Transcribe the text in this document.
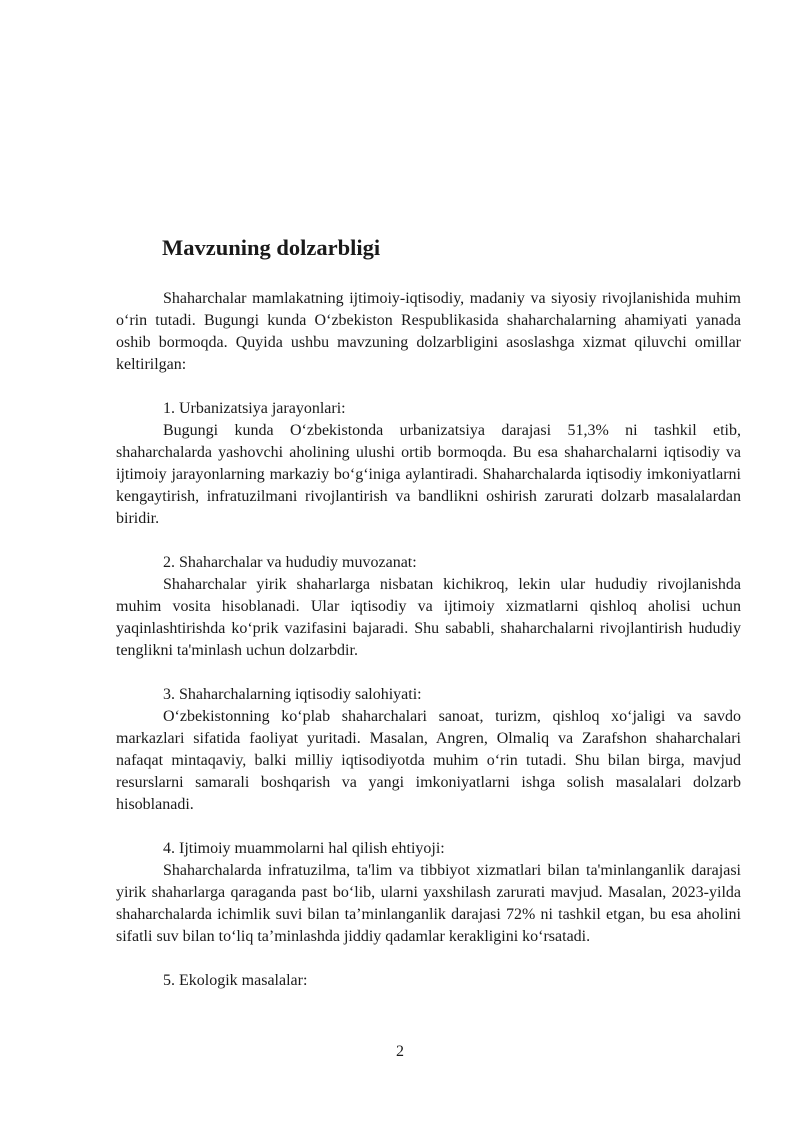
Mavzuning dolzarbligi

Shaharchalar mamlakatning ijtimoiy-iqtisodiy, madaniy va siyosiy rivojlanishida muhim oʻrin tutadi. Bugungi kunda Oʻzbekiston Respublikasida shaharchalarning ahamiyati yanada oshib bormoqda. Quyida ushbu mavzuning dolzarbligini asoslashga xizmat qiluvchi omillar keltirilgan:

1. Urbanizatsiya jarayonlari:

Bugungi kunda Oʻzbekistonda urbanizatsiya darajasi 51,3% ni tashkil etib, shaharchalarda yashovchi aholining ulushi ortib bormoqda. Bu esa shaharchalarni iqtisodiy va ijtimoiy jarayonlarning markaziy boʻgʻiniga aylantiradi. Shaharchalarda iqtisodiy imkoniyatlarni kengaytirish, infratuzilmani rivojlantirish va bandlikni oshirish zarurati dolzarb masalalardan biridir.

2. Shaharchalar va hududiy muvozanat:

Shaharchalar yirik shaharlarga nisbatan kichikroq, lekin ular hududiy rivojlanishda muhim vosita hisoblanadi. Ular iqtisodiy va ijtimoiy xizmatlarni qishloq aholisi uchun yaqinlashtirishda koʻprik vazifasini bajaradi. Shu sababli, shaharchalarni rivojlantirish hududiy tenglikni ta'minlash uchun dolzarbdir.

3. Shaharchalarning iqtisodiy salohiyati:

Oʻzbekistonning koʻplab shaharchalari sanoat, turizm, qishloq xoʻjaligi va savdo markazlari sifatida faoliyat yuritadi. Masalan, Angren, Olmaliq va Zarafshon shaharchalari nafaqat mintaqaviy, balki milliy iqtisodiyotda muhim oʻrin tutadi. Shu bilan birga, mavjud resurslarni samarali boshqarish va yangi imkoniyatlarni ishga solish masalalari dolzarb hisoblanadi.

4. Ijtimoiy muammolarni hal qilish ehtiyoji:

Shaharchalarda infratuzilma, ta'lim va tibbiyot xizmatlari bilan ta'minlanganlik darajasi yirik shaharlarga qaraganda past boʻlib, ularni yaxshilash zarurati mavjud. Masalan, 2023-yilda shaharchalarda ichimlik suvi bilan ta’minlanganlik darajasi 72% ni tashkil etgan, bu esa aholini sifatli suv bilan toʻliq ta’minlashda jiddiy qadamlar kerakligini koʻrsatadi.

5. Ekologik masalalar:

2
